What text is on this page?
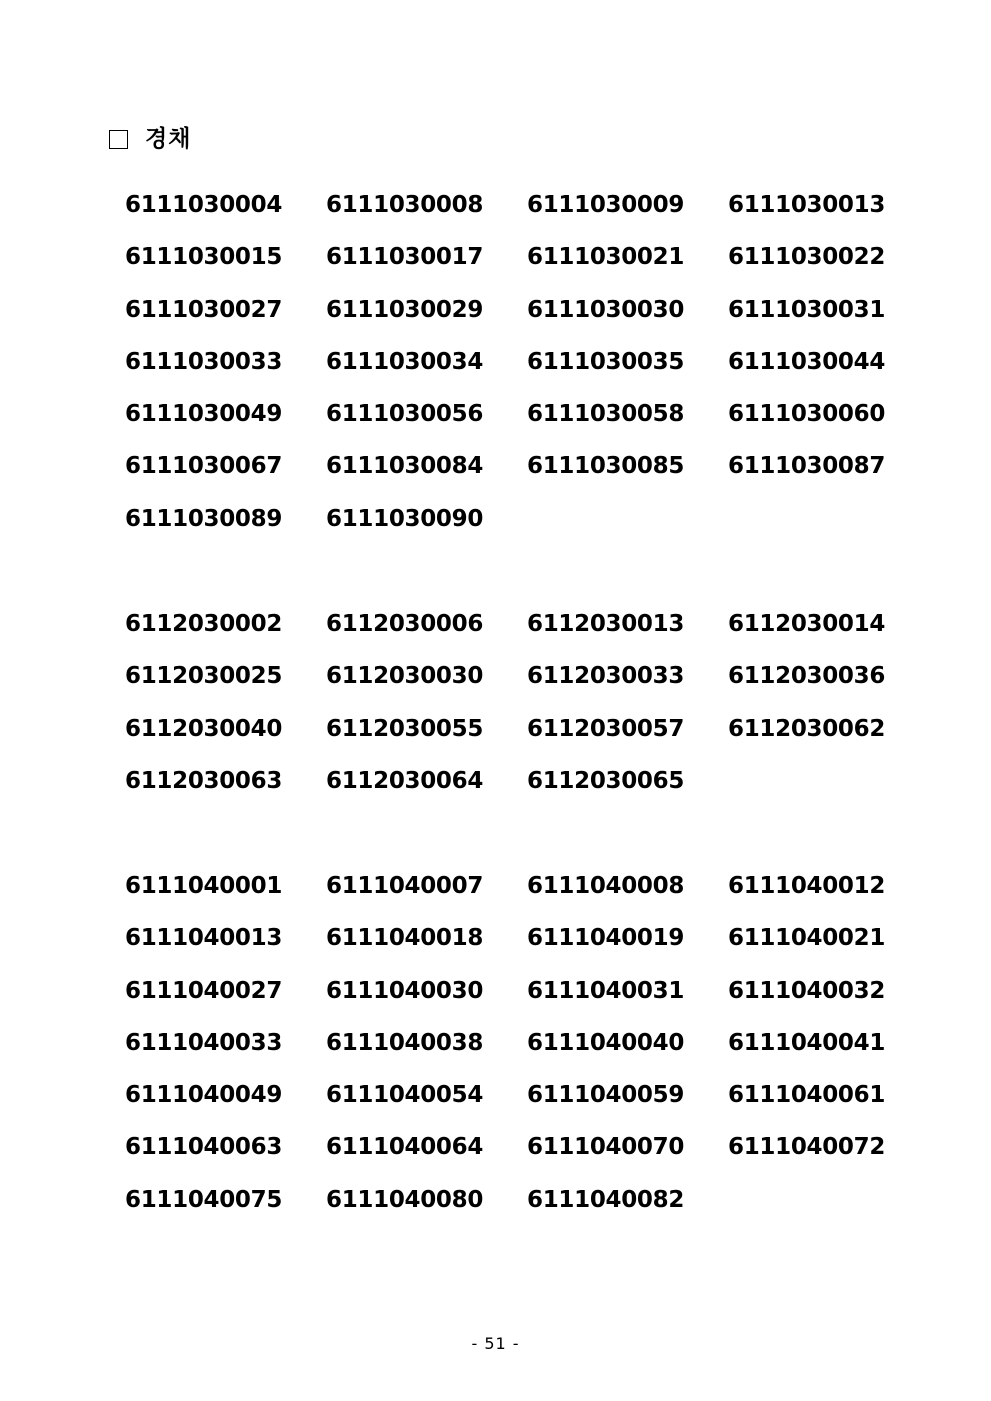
경채
6111030004	6111030008	6111030009	6111030013
6111030015	6111030017	6111030021	6111030022
6111030027	6111030029	6111030030	6111030031
6111030033	6111030034	6111030035	6111030044
6111030049	6111030056	6111030058	6111030060
6111030067	6111030084	6111030085	6111030087
6111030089	6111030090
6112030002	6112030006	6112030013	6112030014
6112030025	6112030030	6112030033	6112030036
6112030040	6112030055	6112030057	6112030062
6112030063	6112030064	6112030065
6111040001	6111040007	6111040008	6111040012
6111040013	6111040018	6111040019	6111040021
6111040027	6111040030	6111040031	6111040032
6111040033	6111040038	6111040040	6111040041
6111040049	6111040054	6111040059	6111040061
6111040063	6111040064	6111040070	6111040072
6111040075	6111040080	6111040082
- 51 -
